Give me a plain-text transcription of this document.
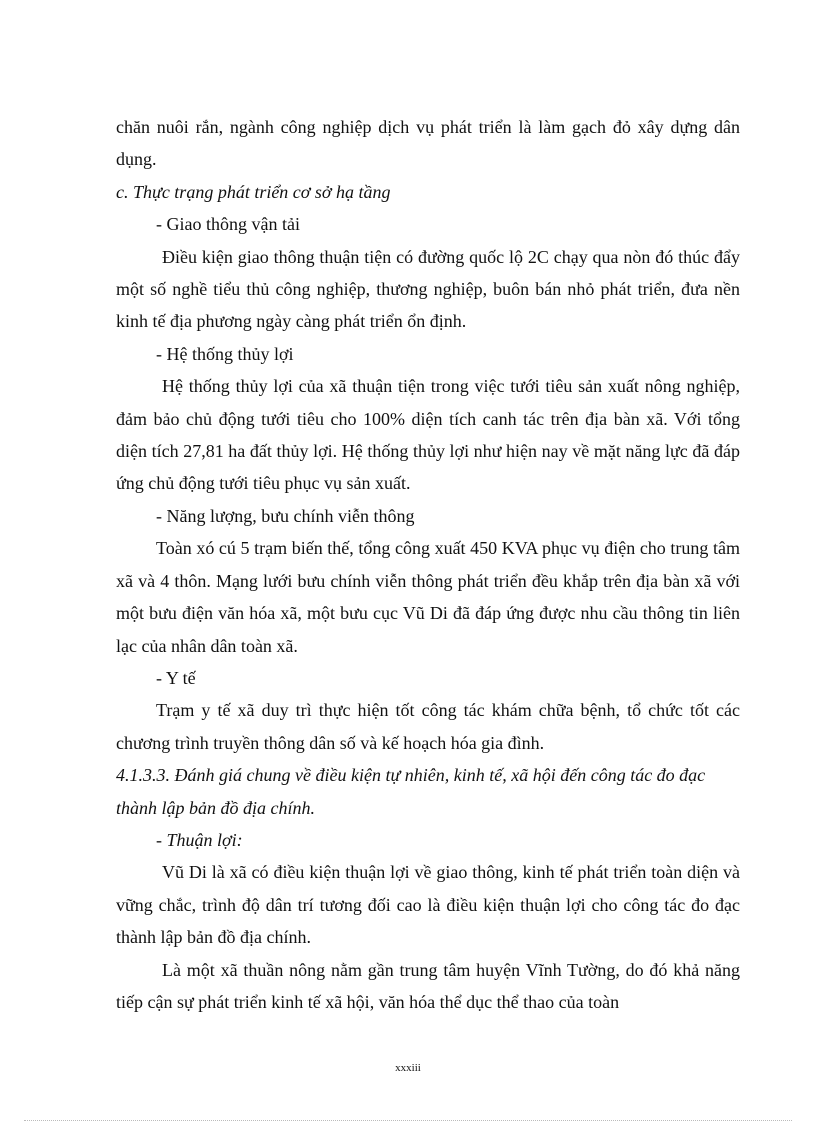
chăn nuôi rắn, ngành công nghiệp dịch vụ phát triển là làm gạch đỏ xây dựng dân dụng.

c. Thực trạng phát triển cơ sở hạ tầng

- Giao thông vận tải

Điều kiện giao thông thuận tiện có đường quốc lộ 2C chạy qua nòn đó thúc đẩy một số nghề tiểu thủ công nghiệp, thương nghiệp, buôn bán nhỏ phát triển, đưa nền kinh tế địa phương ngày càng phát triển ổn định.

- Hệ thống thủy lợi

Hệ thống thủy lợi của xã thuận tiện trong việc tưới tiêu sản xuất nông nghiệp, đảm bảo chủ động tưới tiêu cho 100% diện tích canh tác trên địa bàn xã. Với tổng diện tích 27,81 ha đất thủy lợi. Hệ thống thủy lợi như hiện nay về mặt năng lực đã đáp ứng chủ động tưới tiêu phục vụ sản xuất.

- Năng lượng, bưu chính viễn thông

Toàn xó cú 5 trạm biến thế, tổng công xuất 450 KVA phục vụ điện cho trung tâm xã và 4 thôn. Mạng lưới bưu chính viễn thông phát triển đều khắp trên địa bàn xã với một bưu điện văn hóa xã, một bưu cục Vũ Di đã đáp ứng được nhu cầu thông tin liên lạc của nhân dân toàn xã.

- Y tế

Trạm y tế xã duy trì thực hiện tốt công tác khám chữa bệnh, tổ chức tốt các chương trình truyền thông dân số và kế hoạch hóa gia đình.

4.1.3.3. Đánh giá chung về điều kiện tự nhiên, kinh tế, xã hội đến công tác đo đạc thành lập bản đồ địa chính.

- Thuận lợi:

Vũ Di là xã có điều kiện thuận lợi về giao thông, kinh tế phát triển toàn diện và vững chắc, trình độ dân trí tương đối cao là điều kiện thuận lợi cho công tác đo đạc thành lập bản đồ địa chính.

Là một xã thuần nông nằm gần trung tâm huyện Vĩnh Tường, do đó khả năng tiếp cận sự phát triển kinh tế xã hội, văn hóa thể dục thể thao của toàn

xxxiii
